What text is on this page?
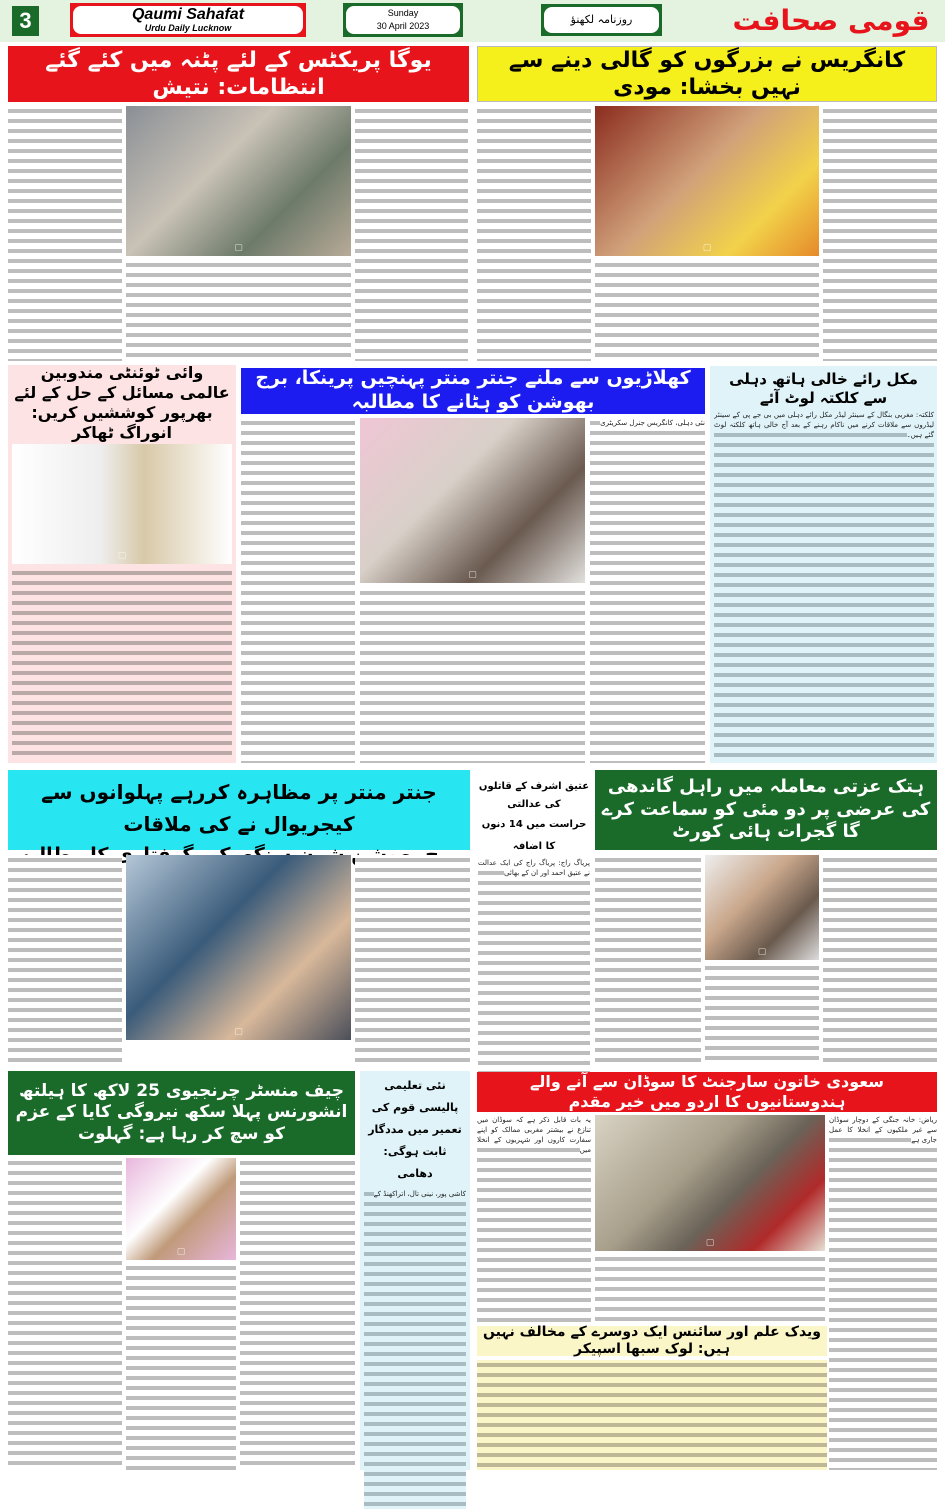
3	Qaumi Sahafat
Urdu Daily Lucknow
Sunday
30 April 2023	روزنامہ لکھنؤ	قومی صحافت
یوگا پریکٹس کے لئے پٹنہ میں کئے گئے انتظامات: نتیش
کانگریس نے بزرگوں کو گالی دینے سے نہیں بخشا: مودی
▢	▢
وائی ٹوئنٹی مندوبین عالمی مسائل کے حل کے لئے بھرپور کوششیں کریں: انوراگ ٹھاکر
▢
کھلاڑیوں سے ملنے جنتر منتر پہنچیں پرینکا، برج بھوشن کو ہٹانے کا مطالبہ
نئی دہلی، کانگریس جنرل سکریٹری
▢
مکل رائے خالی ہاتھ دہلی سے کلکتہ لوٹ آئے
کلکتہ: مغربی بنگال کے سینئر لیڈر مکل رائے دہلی میں بی جے پی کے سینئر لیڈروں سے ملاقات کرنے میں ناکام رہنے کے بعد آج خالی ہاتھ کلکتہ لوٹ گئے ہیں۔
جنتر منتر پر مظاہرہ کررہے پہلوانوں سے کیجریوال نے کی ملاقات
▢
عتیق اشرف کے قاتلوں کی عدالتی
حراست میں 14 دنوں کا اضافہ
پریاگ راج: پریاگ راج کی ایک عدالت نے عتیق احمد اور ان کے بھائی
ہتک عزتی معاملہ میں راہل گاندھی کی عرضی پر دو مئی کو سماعت کرے گا گجرات ہائی کورٹ
▢
چیف منسٹر چرنجیوی 25 لاکھ کا ہیلتھ انشورنس پہلا سکھ نیروگی کایا کے عزم کو سچ کر رہا ہے: گہلوت
▢
نئی تعلیمی پالیسی قوم کی تعمیر میں مددگار ثابت ہوگی: دھامی
کاشی پور، نینی تال، اتراکھنڈ کے
سعودی خاتون سارجنٹ کا سوڈان سے آنے والے ہندوستانیوں کا اردو میں خیر مقدم
ریاض: خانہ جنگی کے دوچار سوڈان سے غیر ملکیوں کے انخلا کا عمل جاری ہے
▢
یہ بات قابل ذکر ہے کہ سوڈان میں تنازع نے بیشتر مغربی ممالک کو اپنے سفارت کاروں اور شہریوں کے انخلا میں
ویدک علم اور سائنس ایک دوسرے کے مخالف نہیں ہیں: لوک سبھا اسپیکر
